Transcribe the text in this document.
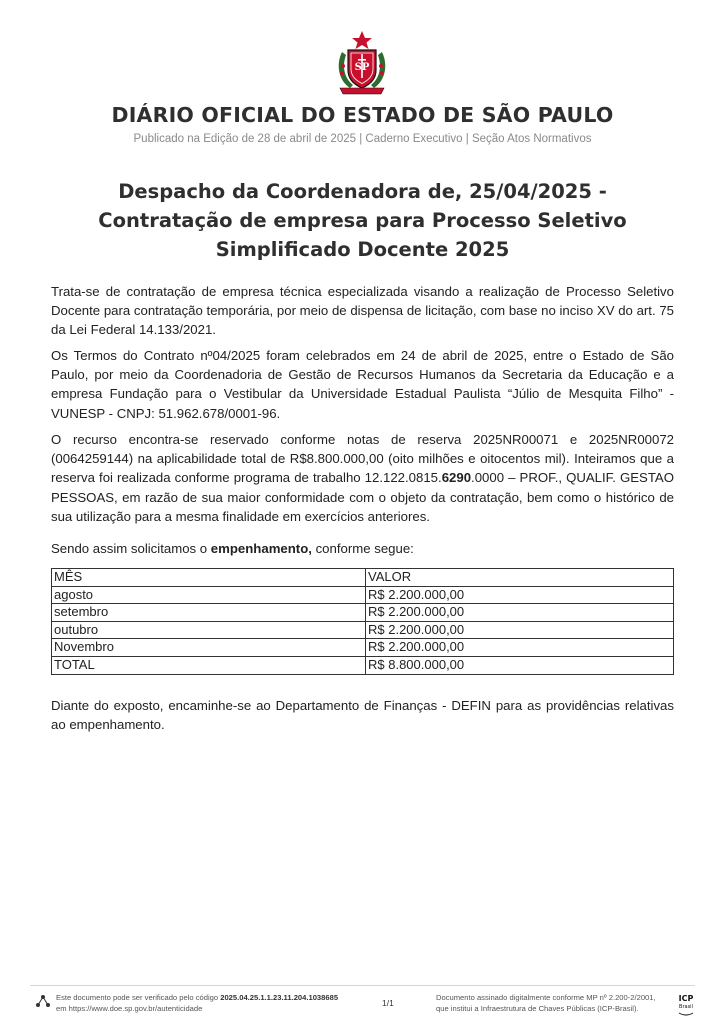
SP
DIÁRIO OFICIAL DO ESTADO DE SÃO PAULO
Publicado na Edição de 28 de abril de 2025 | Caderno Executivo | Seção Atos Normativos
Despacho da Coordenadora de, 25/04/2025 -
Contratação de empresa para Processo Seletivo
Simplificado Docente 2025
Trata-se de contratação de empresa técnica especializada visando a realização de Processo Seletivo Docente para contratação temporária, por meio de dispensa de licitação, com base no inciso XV do art. 75 da Lei Federal 14.133/2021.
Os Termos do Contrato nº04/2025 foram celebrados em 24 de abril de 2025, entre o Estado de São Paulo, por meio da Coordenadoria de Gestão de Recursos Humanos da Secretaria da Educação e a empresa Fundação para o Vestibular da Universidade Estadual Paulista “Júlio de Mesquita Filho” - VUNESP - CNPJ: 51.962.678/0001-96.
O recurso encontra-se reservado conforme notas de reserva 2025NR00071 e 2025NR00072 (0064259144) na aplicabilidade total de R$8.800.000,00 (oito milhões e oitocentos mil). Inteiramos que a reserva foi realizada conforme programa de trabalho 12.122.0815.6290.0000 – PROF., QUALIF. GESTAO PESSOAS, em razão de sua maior conformidade com o objeto da contratação, bem como o histórico de sua utilização para a mesma finalidade em exercícios anteriores.
Sendo assim solicitamos o empenhamento, conforme segue:
MÊS	VALOR
agosto	R$ 2.200.000,00
setembro	R$ 2.200.000,00
outubro	R$ 2.200.000,00
Novembro	R$ 2.200.000,00
TOTAL	R$ 8.800.000,00
Diante do exposto, encaminhe-se ao Departamento de Finanças - DEFIN para as providências relativas ao empenhamento.
Este documento pode ser verificado pelo código 2025.04.25.1.1.23.11.204.1038685
em https://www.doe.sp.gov.br/autenticidade
1/1
Documento assinado digitalmente conforme MP nº 2.200-2/2001,
que institui a Infraestrutura de Chaves Públicas (ICP-Brasil).
ICP
Brasil
